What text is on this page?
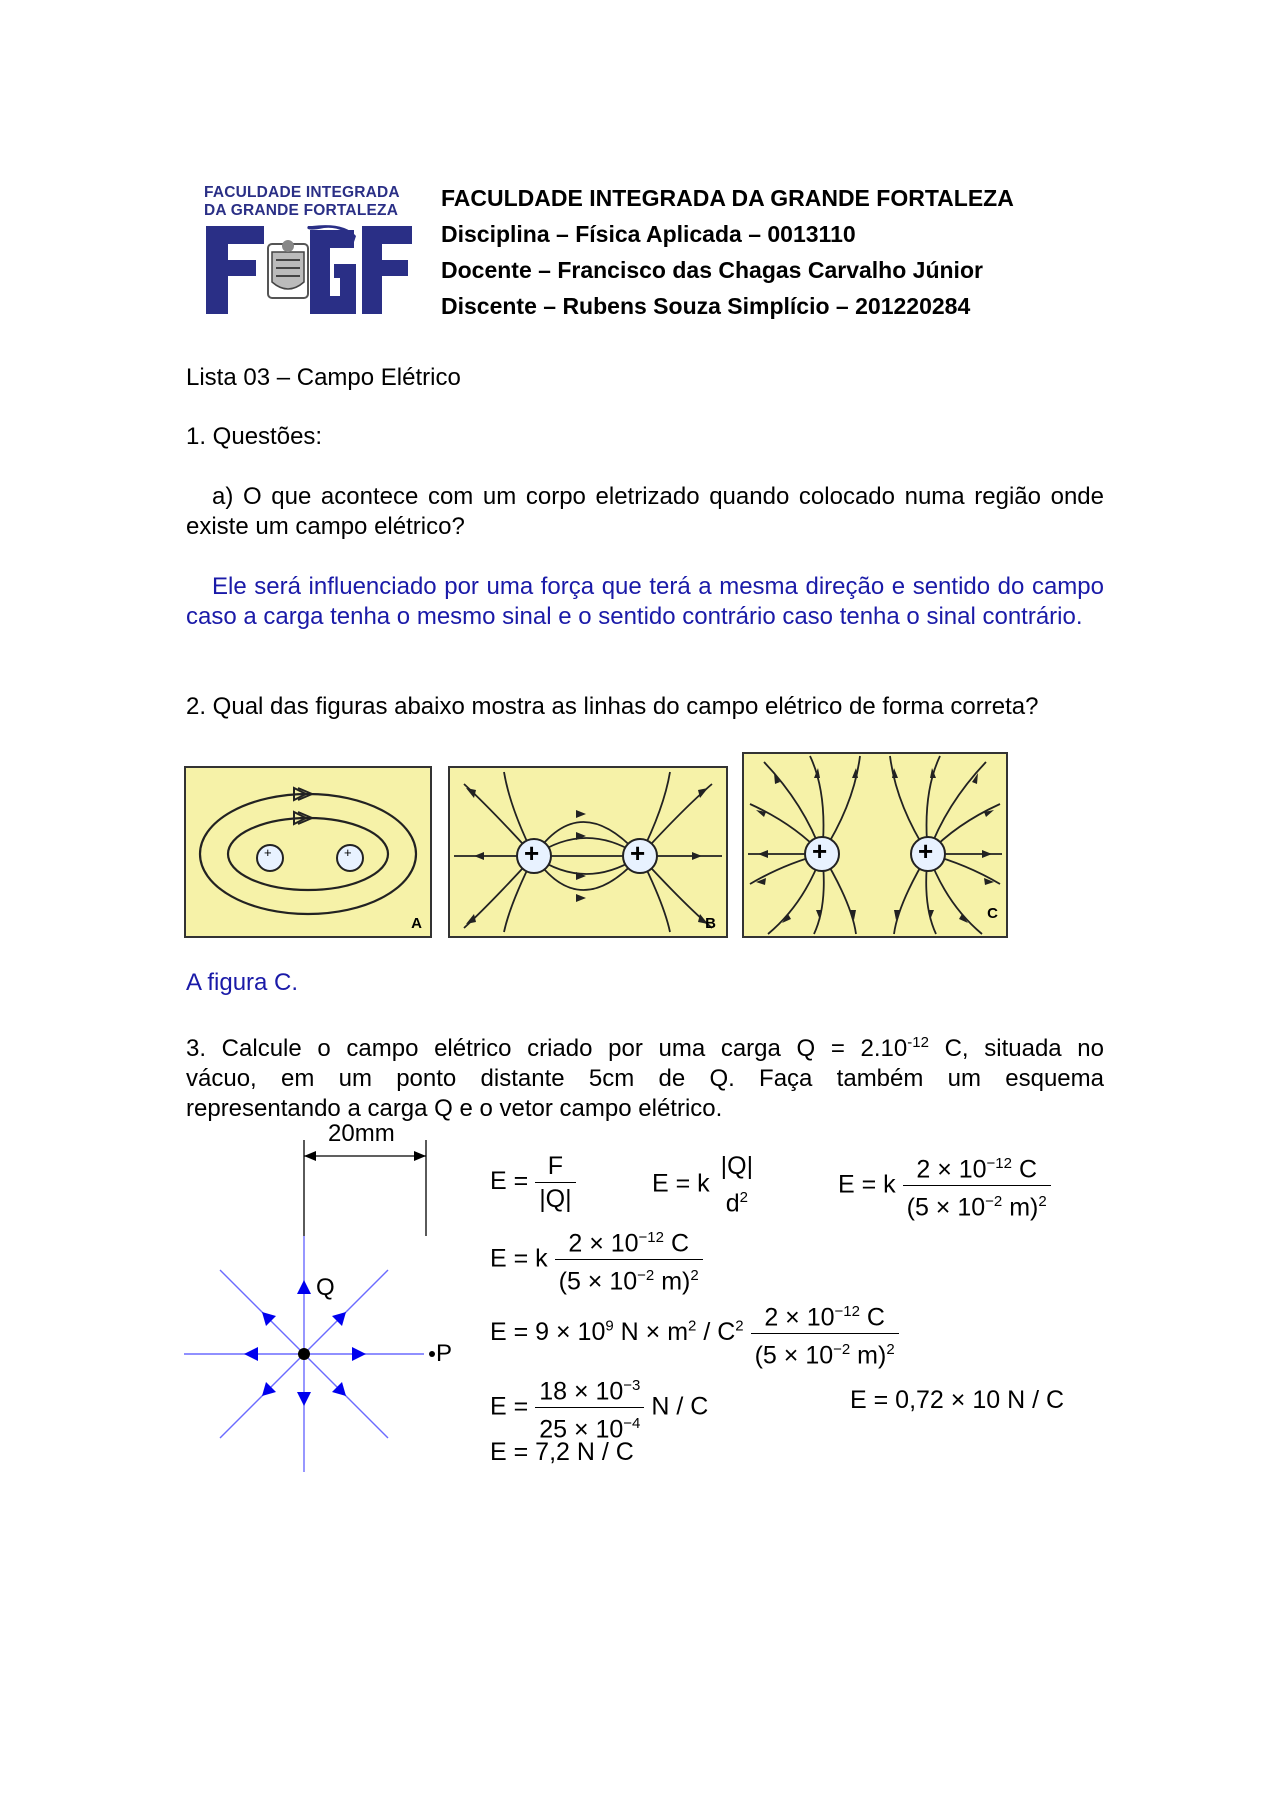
FACULDADE INTEGRADA
DA GRANDE FORTALEZA	FACULDADE INTEGRADA DA GRANDE FORTALEZA
Disciplina – Física Aplicada – 0013110
Docente – Francisco das Chagas Carvalho Júnior
Discente – Rubens Souza Simplício – 201220284
Lista 03 – Campo Elétrico
1. Questões:
a) O que acontece com um corpo eletrizado quando colocado numa região onde existe um campo elétrico?
Ele será influenciado por uma força que terá a mesma direção e sentido do campo caso a carga tenha o mesmo sinal e o sentido contrário caso tenha o sinal contrário.
2. Qual das figuras abaixo mostra as linhas do campo elétrico de forma correta?
+	+
A
+	+
B
+	+
C
A figura C.
3. Calcule o campo elétrico criado por uma carga $Q = 2.10^{-12}$ C, situada no
vácuo, em um ponto distante 5cm de Q. Faça também um esquema
representando a carga Q e o vetor campo elétrico.
20mm
Q
P
$E = \frac{F}{|Q|}$	E = k
|Q|
$d^2$	E = k $\frac{2 \times 10^{-12} C}{(5 \times 10^{-2} m)^2}$
E = k $\frac{2 \times 10^{-12} C}{(5 \times 10^{-2} m)^2}$
$E = 9 \times 10^9$ $N \times m^2 / C^2 \frac{2 \times 10^{-12} C}{(5 \times 10^{-2} m)^2}$
$E = \frac{18 \times 10^{-3}}{25 \times 10^{-4}}$ N / C	E = 0,72 × 10 N / C
E = 7,2 N / C
